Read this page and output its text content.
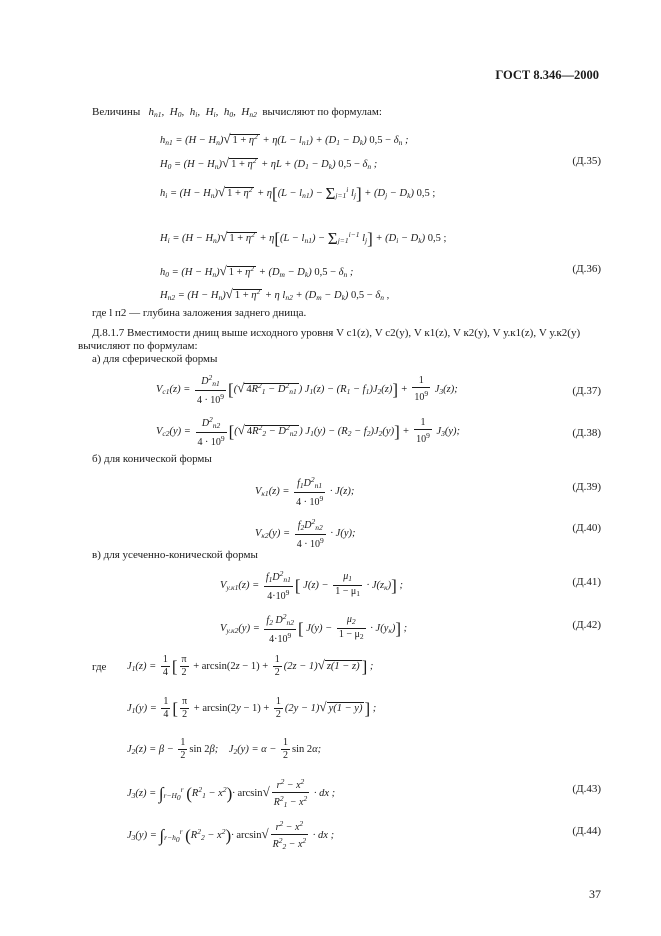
ГОСТ 8.346—2000
Величины   $h_{п1}$,  $H_0$,  $h_i$,  $H_i$,  $h_0$,  $H_{п2}$ вычисляют по формулам:
$h_{п1} = (H - H_п)√$ $1 + \eta^2 + \eta(L - l_{п1}) + (D_1 - D_k) 0,5 - \delta_п$ ;
$H_0 = (H - H_п)√$ $1 + \eta^2 + \eta L + (D_1 - D_k) 0,5 - \delta_п$ ;	(Д.35)
$h_i = (H - H_п)√$ $1 + \eta^2 + \eta[(L - l_{п1}) - \Sigma_{j=1}^i$ $l_j] + (D_j - D_k)$ 0,5 ;
$H_i = (H - H_п)√$ $1 + \eta^2 + \eta[(L - l_{п1}) - \Sigma_{j=1}^{i-1}$ $l_j] + (D_i - D_k)$ 0,5 ;
$h_0 = (H - H_п)√$ $1 + \eta^2 + (D_m - D_k) 0,5 - \delta_п$ ;	(Д.36)
$H_{п2} = (H - H_п)√$ $1 + \eta^2 + \eta$ $l_{п2} + (D_m - D_k) 0,5 - \delta_п$ ,
где l п2 — глубина заложения заднего днища.
Д.8.1.7 Вместимости днищ выше исходного уровня V с1(z), V с2(y), V к1(z), V к2(y), V у.к1(z), V у.к2(y)
вычисляют по формулам:
а) для сферической формы
$V_{с1}(z) = \frac{D^2_{п1}}{4 \cdot 10^9}$ [(√ $4R^2_1 - D^2_{п1}$ ) $J_1(z) - (R_1 - f_1)J_2(z)] + \frac{1}{10^9} J_3(z)$;	(Д.37)
$V_{с2}(y) = \frac{D^2_{п2}}{4 \cdot 10^9}$ [(√ $4R^2_2 - D^2_{п2}$ ) $J_1(y) - (R_2 - f_2)J_2(y)] + \frac{1}{10^9} J_3(y)$;	(Д.38)
б) для конической формы
$V_{к1}(z) = \frac{f_1D^2_{п1}}{4 \cdot 10^9} \cdot J(z)$;	(Д.39)
$V_{к2}(y) = \frac{f_2D^2_{п2}}{4 \cdot 10^9} \cdot J(y)$;	(Д.40)
в) для усеченно-конической формы
$V_{у.к1}(z) = \frac{f_1D^2_{п1}}{4\cdot 10^9}$ [ $J(z) - \frac{\mu_1}{1 - \mu_1} \cdot J(z_к)$] ;	(Д.41)
$V_{у.к2}(y) = \frac{f_2 D^2_{п2}}{4\cdot 10^9}$ [ $J(y) - \frac{\mu_2}{1 - \mu_2} \cdot J(y_к)$] ;	(Д.42)
где $J_1(z) = \frac{1}{4}$ [ $\frac{\pi}{2} + \arcsin(2z - 1) + \frac{1}{2} (2z - 1)√$ z(1 − z) ] ;
$J_1(y) = \frac{1}{4}$ [ $\frac{\pi}{2} + \arcsin(2y - 1) + \frac{1}{2} (2y - 1)√$ y(1 − y) ] ;
$J_2(z) = \beta - \frac{1}{2}$ sin 2β;    $J_2(y) = \alpha - \frac{1}{2}$ sin 2α;
$J_3(z) = \int_{r-H_0}^r$ $(R^2_1 - x^2)\cdot \arcsin√ \frac{r^2 - x^2}{R^2_1 - x^2}$ · dx ;	(Д.43)
$J_3(y) = \int_{r-h_0}^r$ $(R^2_2 - x^2)\cdot \arcsin√ \frac{r^2 - x^2}{R^2_2 - x^2}$ · dx ;	(Д.44)
37
